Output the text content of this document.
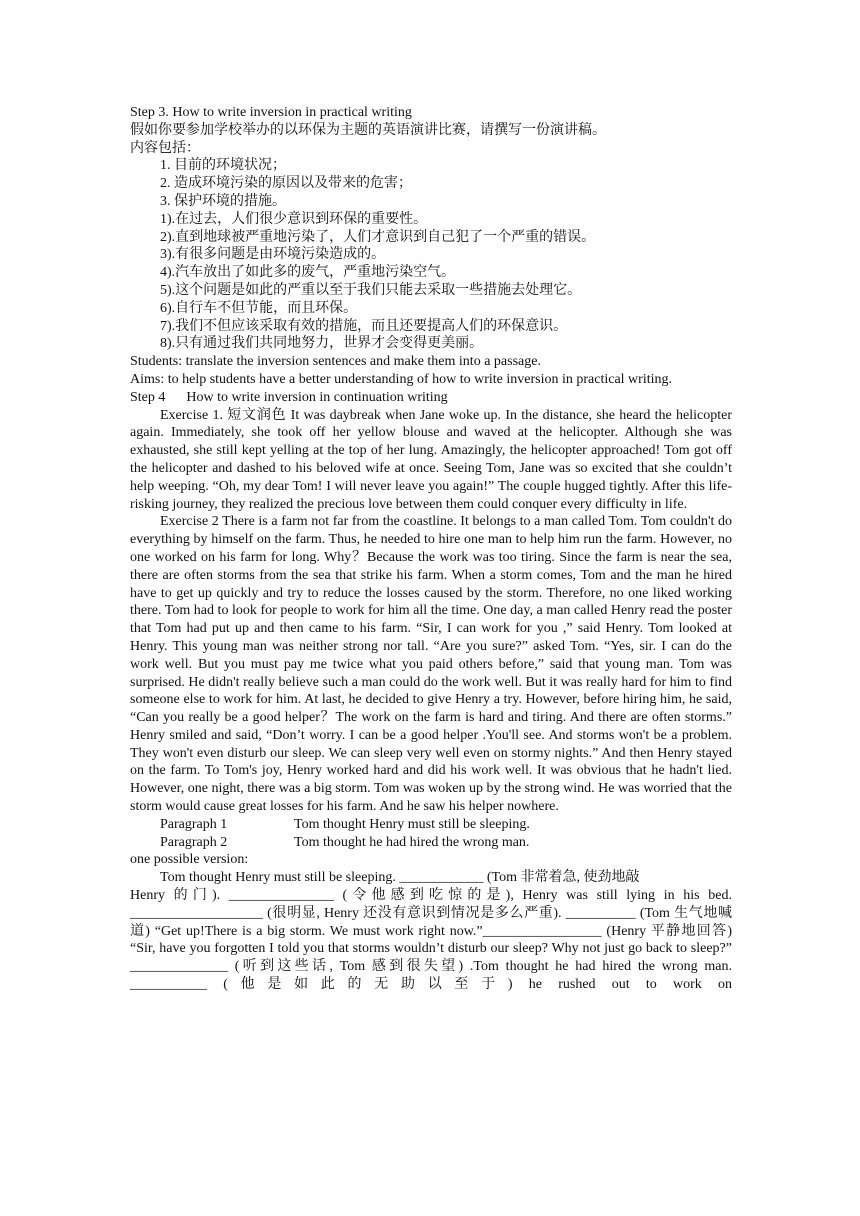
Step 3. How to write inversion in practical writing
假如你要参加学校举办的以环保为主题的英语演讲比赛，请撰写一份演讲稿。
内容包括：
1. 目前的环境状况；
2. 造成环境污染的原因以及带来的危害；
3. 保护环境的措施。
1).在过去，人们很少意识到环保的重要性。
2).直到地球被严重地污染了，人们才意识到自己犯了一个严重的错误。
3).有很多问题是由环境污染造成的。
4).汽车放出了如此多的废气，严重地污染空气。
5).这个问题是如此的严重以至于我们只能去采取一些措施去处理它。
6).自行车不但节能，而且环保。
7).我们不但应该采取有效的措施，而且还要提高人们的环保意识。
8).只有通过我们共同地努力，世界才会变得更美丽。
Students: translate the inversion sentences and make them into a passage.
Aims: to help students have a better understanding of how to write inversion in practical writing.
Step 4      How to write inversion in continuation writing
Exercise 1. 短文润色 It was daybreak when Jane woke up. In the distance, she heard the helicopter again. Immediately, she took off her yellow blouse and waved at the helicopter. Although she was exhausted, she still kept yelling at the top of her lung. Amazingly, the helicopter approached! Tom got off the helicopter and dashed to his beloved wife at once. Seeing Tom, Jane was so excited that she couldn’t help weeping. “Oh, my dear Tom! I will never leave you again!” The couple hugged tightly. After this life-risking journey, they realized the precious love between them could conquer every difficulty in life.
Exercise 2 There is a farm not far from the coastline. It belongs to a man called Tom. Tom couldn't do everything by himself on the farm. Thus, he needed to hire one man to help him run the farm. However, no one worked on his farm for long. Why？Because the work was too tiring. Since the farm is near the sea, there are often storms from the sea that strike his farm. When a storm comes, Tom and the man he hired have to get up quickly and try to reduce the losses caused by the storm. Therefore, no one liked working there. Tom had to look for people to work for him all the time. One day, a man called Henry read the poster that Tom had put up and then came to his farm. “Sir, I can work for you ,” said Henry. Tom looked at Henry. This young man was neither strong nor tall. “Are you sure?” asked Tom. “Yes, sir. I can do the work well. But you must pay me twice what you paid others before,” said that young man. Tom was surprised. He didn't really believe such a man could do the work well. But it was really hard for him to find someone else to work for him. At last, he decided to give Henry a try. However, before hiring him, he said, “Can you really be a good helper？The work on the farm is hard and tiring. And there are often storms.” Henry smiled and said, “Don’t worry. I can be a good helper .You'll see. And storms won't be a problem. They won't even disturb our sleep. We can sleep very well even on stormy nights.” And then Henry stayed on the farm. To Tom's joy, Henry worked hard and did his work well. It was obvious that he hadn't lied. However, one night, there was a big storm. Tom was woken up by the strong wind. He was worried that the storm would cause great losses for his farm. And he saw his helper nowhere.
Paragraph 1	Tom thought Henry must still be sleeping.
Paragraph 2	Tom thought he had hired the wrong man.
one possible version:
Tom thought Henry must still be sleeping. ____________ (Tom 非常着急, 使劲地敲
Henry 的门). _______________ (令他感到吃惊的是), Henry was still lying in his bed. ___________________ (很明显, Henry 还没有意识到情况是多么严重). __________ (Tom 生气地喊道) “Get up!There is a big storm. We must work right now.”_________________ (Henry 平静地回答) “Sir, have you forgotten I told you that storms wouldn’t disturb our sleep? Why not just go back to sleep?” ______________ (听到这些话, Tom 感到很失望) .Tom thought he had hired the wrong man. ___________ (他是如此的无助以至于) he rushed out to work on
